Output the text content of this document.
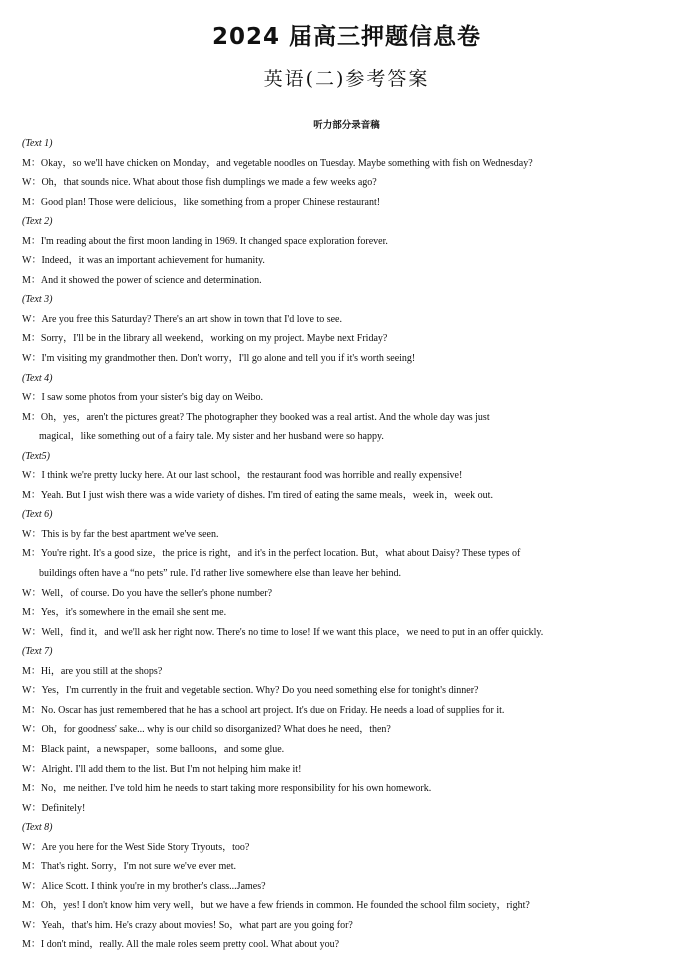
2024 届高三押题信息卷
英语(二)参考答案
听力部分录音稿
(Text 1)
M：Okay，so we'll have chicken on Monday，and vegetable noodles on Tuesday. Maybe something with fish on Wednesday?
W：Oh，that sounds nice. What about those fish dumplings we made a few weeks ago?
M：Good plan! Those were delicious，like something from a proper Chinese restaurant!
(Text 2)
M：I'm reading about the first moon landing in 1969. It changed space exploration forever.
W：Indeed，it was an important achievement for humanity.
M：And it showed the power of science and determination.
(Text 3)
W：Are you free this Saturday? There's an art show in town that I'd love to see.
M：Sorry，I'll be in the library all weekend，working on my project. Maybe next Friday?
W：I'm visiting my grandmother then. Don't worry，I'll go alone and tell you if it's worth seeing!
(Text 4)
W：I saw some photos from your sister's big day on Weibo.
M：Oh，yes，aren't the pictures great? The photographer they booked was a real artist. And the whole day was just
magical，like something out of a fairy tale. My sister and her husband were so happy.
(Text5)
W：I think we're pretty lucky here. At our last school，the restaurant food was horrible and really expensive!
M：Yeah. But I just wish there was a wide variety of dishes. I'm tired of eating the same meals，week in，week out.
(Text 6)
W：This is by far the best apartment we've seen.
M：You're right. It's a good size，the price is right，and it's in the perfect location. But，what about Daisy? These types of
buildings often have a “no pets” rule. I'd rather live somewhere else than leave her behind.
W：Well，of course. Do you have the seller's phone number?
M：Yes，it's somewhere in the email she sent me.
W：Well，find it，and we'll ask her right now. There's no time to lose! If we want this place，we need to put in an offer quickly.
(Text 7)
M：Hi，are you still at the shops?
W：Yes，I'm currently in the fruit and vegetable section. Why? Do you need something else for tonight's dinner?
M：No. Oscar has just remembered that he has a school art project. It's due on Friday. He needs a load of supplies for it.
W：Oh，for goodness' sake... why is our child so disorganized? What does he need，then?
M：Black paint，a newspaper，some balloons，and some glue.
W：Alright. I'll add them to the list. But I'm not helping him make it!
M：No，me neither. I've told him he needs to start taking more responsibility for his own homework.
W：Definitely!
(Text 8)
W：Are you here for the West Side Story Tryouts，too?
M：That's right. Sorry，I'm not sure we've ever met.
W：Alice Scott. I think you're in my brother's class...James?
M：Oh，yes! I don't know him very well，but we have a few friends in common. He founded the school film society，right?
W：Yeah，that's him. He's crazy about movies! So，what part are you going for?
M：I don't mind，really. All the male roles seem pretty cool. What about you?
